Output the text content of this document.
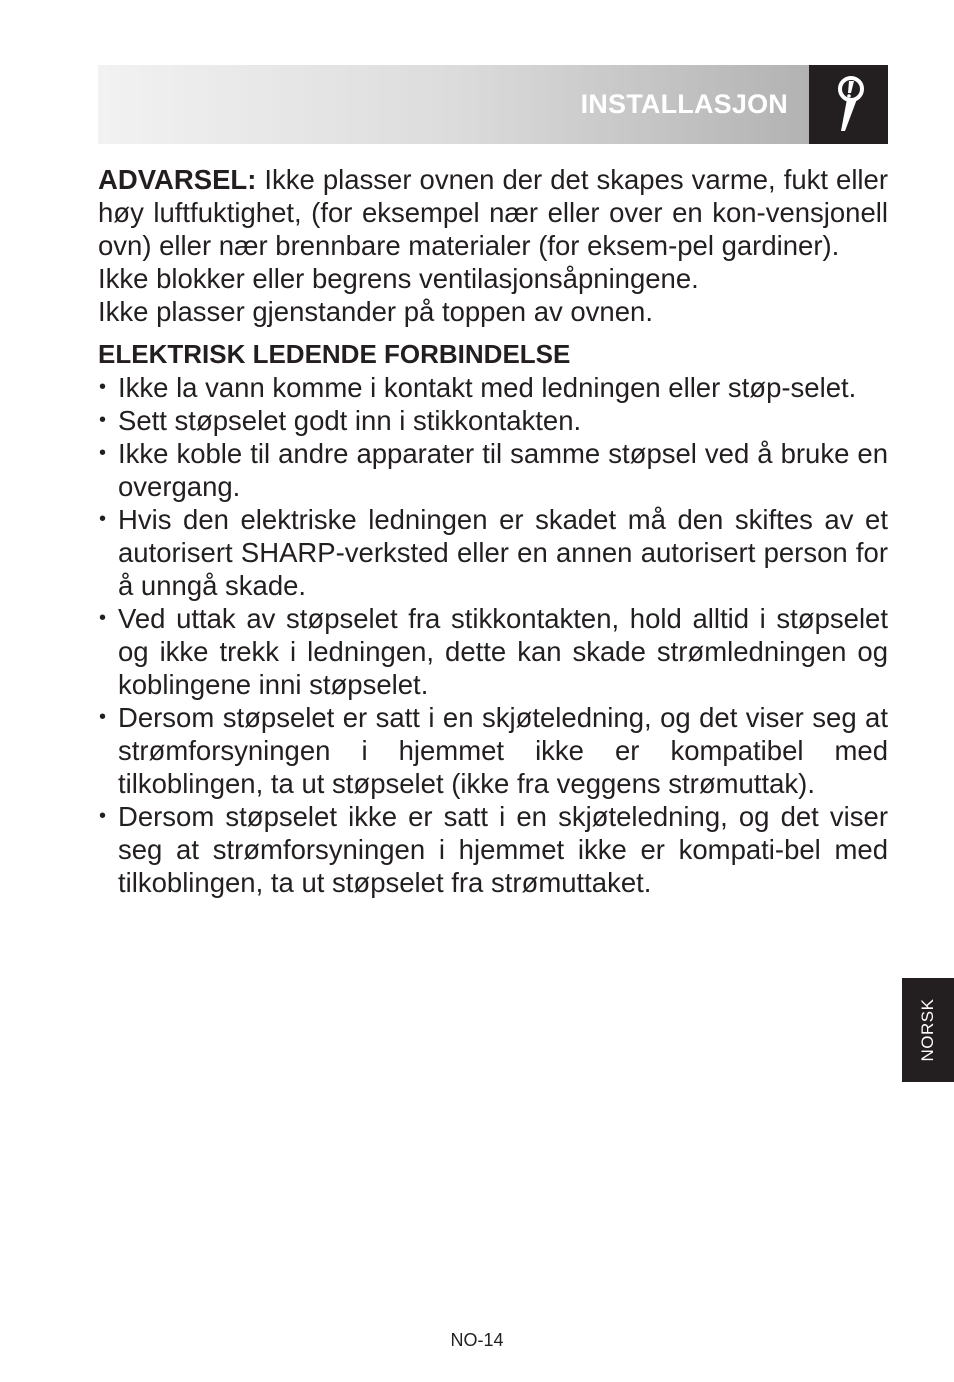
INSTALLASJON

ADVARSEL: Ikke plasser ovnen der det skapes varme, fukt eller høy luftfuktighet, (for eksempel nær eller over en kon-vensjonell ovn) eller nær brennbare materialer (for eksem-pel gardiner).

Ikke blokker eller begrens ventilasjonsåpningene.

Ikke plasser gjenstander på toppen av ovnen.

ELEKTRISK LEDENDE FORBINDELSE
• Ikke la vann komme i kontakt med ledningen eller støp-selet.
• Sett støpselet godt inn i stikkontakten.
• Ikke koble til andre apparater til samme støpsel ved å bruke en overgang.
• Hvis den elektriske ledningen er skadet må den skiftes av et autorisert SHARP-verksted eller en annen autorisert person for å unngå skade.
• Ved uttak av støpselet fra stikkontakten, hold alltid i støpselet og ikke trekk i ledningen, dette kan skade strømledningen og koblingene inni støpselet.
• Dersom støpselet er satt i en skjøteledning, og det viser seg at strømforsyningen i hjemmet ikke er kompatibel med tilkoblingen, ta ut støpselet (ikke fra veggens strømuttak).
• Dersom støpselet ikke er satt i en skjøteledning, og det viser seg at strømforsyningen i hjemmet ikke er kompati-bel med tilkoblingen, ta ut støpselet fra strømuttaket.
NORSK
NO-14
